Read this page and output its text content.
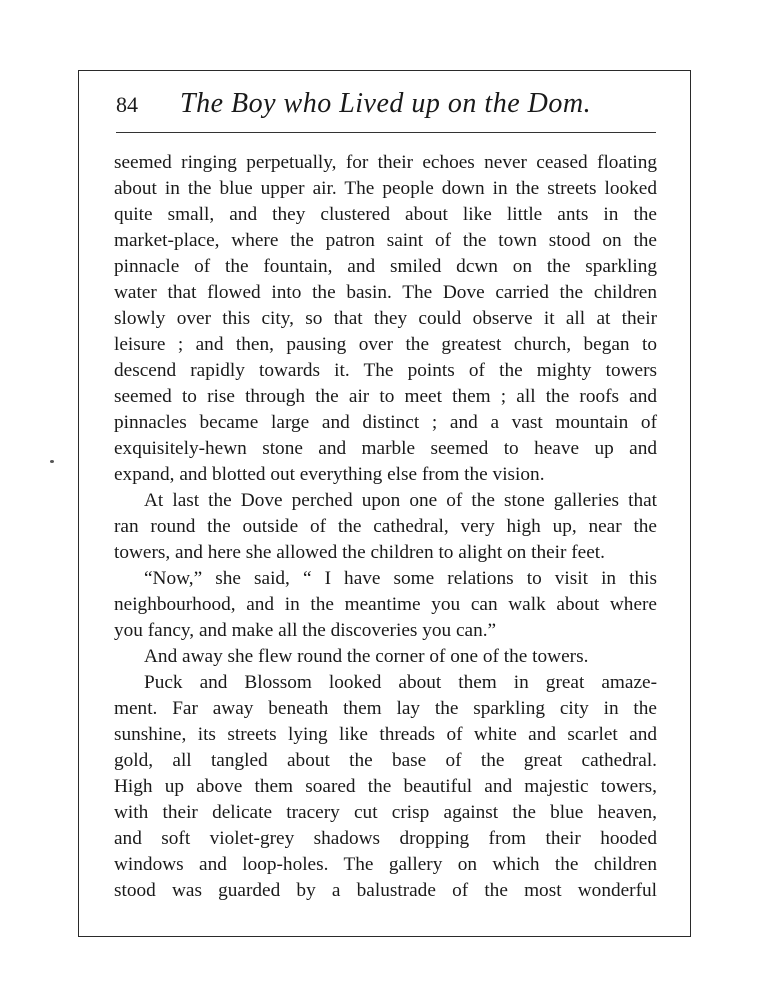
84 The Boy who Lived up on the Dom.
seemed ringing perpetually, for their echoes never ceased floating
about in the blue upper air. The people down in the streets looked
quite small, and they clustered about like little ants in the
market-place, where the patron saint of the town stood on the
pinnacle of the fountain, and smiled dcwn on the sparkling
water that flowed into the basin. The Dove carried the children
slowly over this city, so that they could observe it all at their
leisure ; and then, pausing over the greatest church, began to
descend rapidly towards it. The points of the mighty towers
seemed to rise through the air to meet them ; all the roofs and
pinnacles became large and distinct ; and a vast mountain of
exquisitely-hewn stone and marble seemed to heave up and
expand, and blotted out everything else from the vision.
At last the Dove perched upon one of the stone galleries that
ran round the outside of the cathedral, very high up, near the
towers, and here she allowed the children to alight on their feet.
“Now,” she said, “ I have some relations to visit in this
neighbourhood, and in the meantime you can walk about where
you fancy, and make all the discoveries you can.”
And away she flew round the corner of one of the towers.
Puck and Blossom looked about them in great amaze-
ment. Far away beneath them lay the sparkling city in the
sunshine, its streets lying like threads of white and scarlet and
gold, all tangled about the base of the great cathedral.
High up above them soared the beautiful and majestic towers,
with their delicate tracery cut crisp against the blue heaven,
and soft violet-grey shadows dropping from their hooded
windows and loop-holes. The gallery on which the children
stood was guarded by a balustrade of the most wonderful
